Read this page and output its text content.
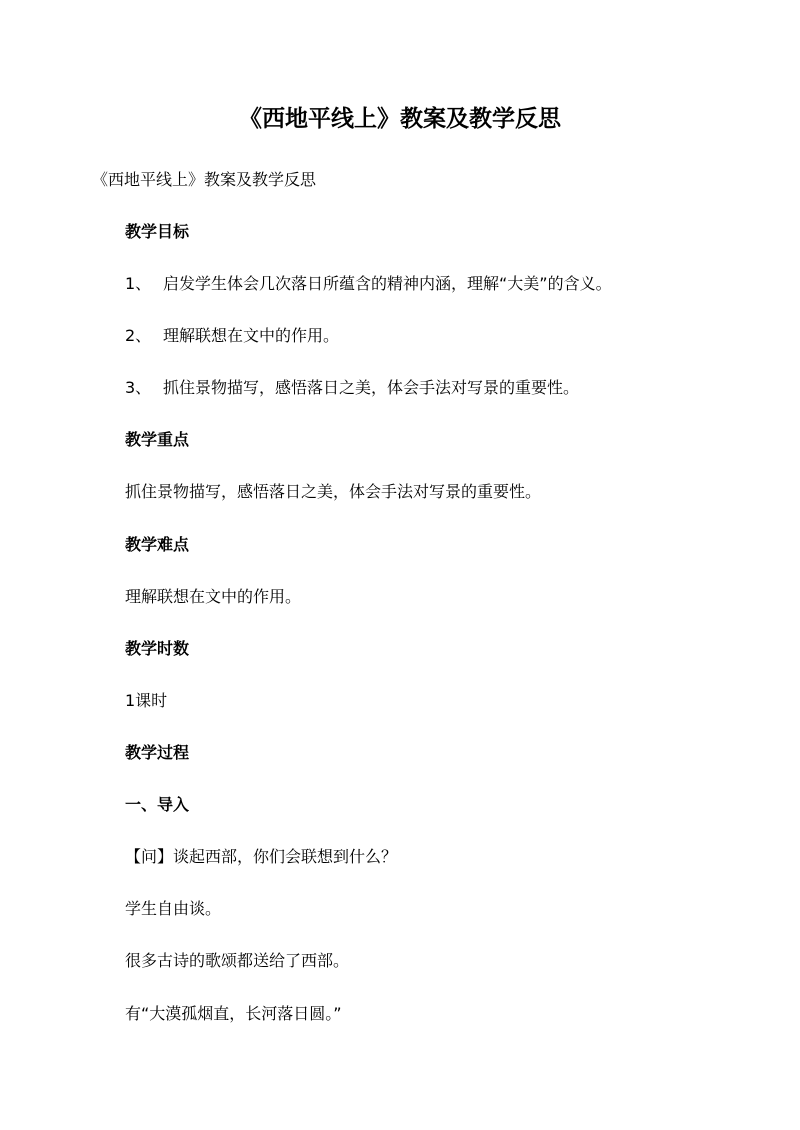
《西地平线上》教案及教学反思
《西地平线上》教案及教学反思
教学目标
1、 启发学生体会几次落日所蕴含的精神内涵，理解“大美”的含义。
2、 理解联想在文中的作用。
3、 抓住景物描写，感悟落日之美，体会手法对写景的重要性。
教学重点
抓住景物描写，感悟落日之美，体会手法对写景的重要性。
教学难点
理解联想在文中的作用。
教学时数
1课时
教学过程
一、导入
【问】谈起西部，你们会联想到什么？
学生自由谈。
很多古诗的歌颂都送给了西部。
有“大漠孤烟直，长河落日圆。”
